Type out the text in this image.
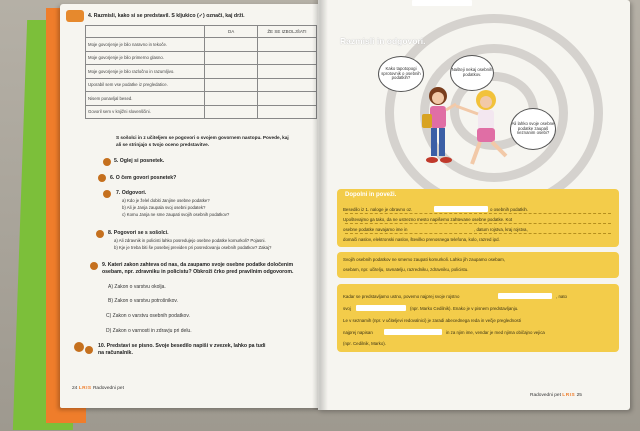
4. Razmisli, kako si se predstavil. S kljukico (✓) označi, kaj drži.
	DA	ŽE SE IZBOLJŠATI
Moje govorjenje je bilo naravno in tekoče.		
Moje govorjenje je bilo primerno glasno.		
Moje govorjenje je bilo razločno in razumljivo.		
Uporabil sem vse podatke iz pregledatice.		
Nisem ponavljal besed.		
Govoril sem v knjižni slovenščini.		
S sošolci in z učiteljem se pogovori o svojem govornem nastopu. Povede, kaj
ali se strinjajo s tvojo oceno predstavitve.
5. Oglej si posnetek.
6. O čem govori posnetek?
7. Odgovori.
a) Kdo je želel dobiti Janjine osebne podatke?
b) Ali je Janja zaupala svoj osebni podatek?
c) Komu Janja ne sme zaupati svojih osebnih podatkov?
8. Pogovori se s sošolci.
a) Ali zdravnik in policisti lahko posredujejo osebne podatke komurkoli? Pojasni.
b) Kje je treba biti še posebej previden pri posredovanju osebnih podatkov? Zakaj?
9. Kateri zakon zahteva od nas, da zaupamo svoje osebne podatke določenim
osebam, npr. zdravniku in policistu? Obkroži črko pred pravilnim odgovorom.
A) Zakon o varstvu okolja.
B) Zakon o varstvu potrošnikov.
C) Zakon o varstvu osebnih podatkov.
D) Zakon o varnosti in zdravju pri delu.
10. Predstavi se pisno. Svoje besedilo napiši v zvezek, lahko pa tudi
na računalnik.
24 LRIS Radovedni pet
Razmisli in odgovori.
Kako tapotopogi sprotovnik o osebnih podatkih?
Našteji nekaj osebnih podatkov.
Ali lahko svoje osebne podatke zaupaš neznanim osebi?
Dopolni in poveži.
Besedilo iz 1. naloge je obravno oz.	o osebnih podatkih.
Upoštevajmo ga tako, da ne ustrezno mesto napišemo zahtevane osebne podatke. Kot
osebne podatke navajamo ime in	, datum rojstva, kraj rojstva,
domači naslov, elektronski naslov, številko prenosnega telefona, kolo, razred ipd.
Svojih osebnih podatkov ne smemo zaupati komurkoli. Lahko jih zaupamo osebam,
osebam, npr. učitelju, ravnatelju, razredniku, zdravniku, policistu.
Kadar se predstavljamo ustno, povemo najprej svoje rojstno	, nato
svoj	(npr. Marko Cedilnik). Enako je v pisnem predstavljanju.
Le v seznamih (npr. v učiteljevi redovalnici) je zaradi abecednega reda in večje preglednosti
najprej napisan	in za njim ime, vendar je med njima običajno vejica
(npr. Cedilnik, Marko).
Radovedni pet LRIS 25
